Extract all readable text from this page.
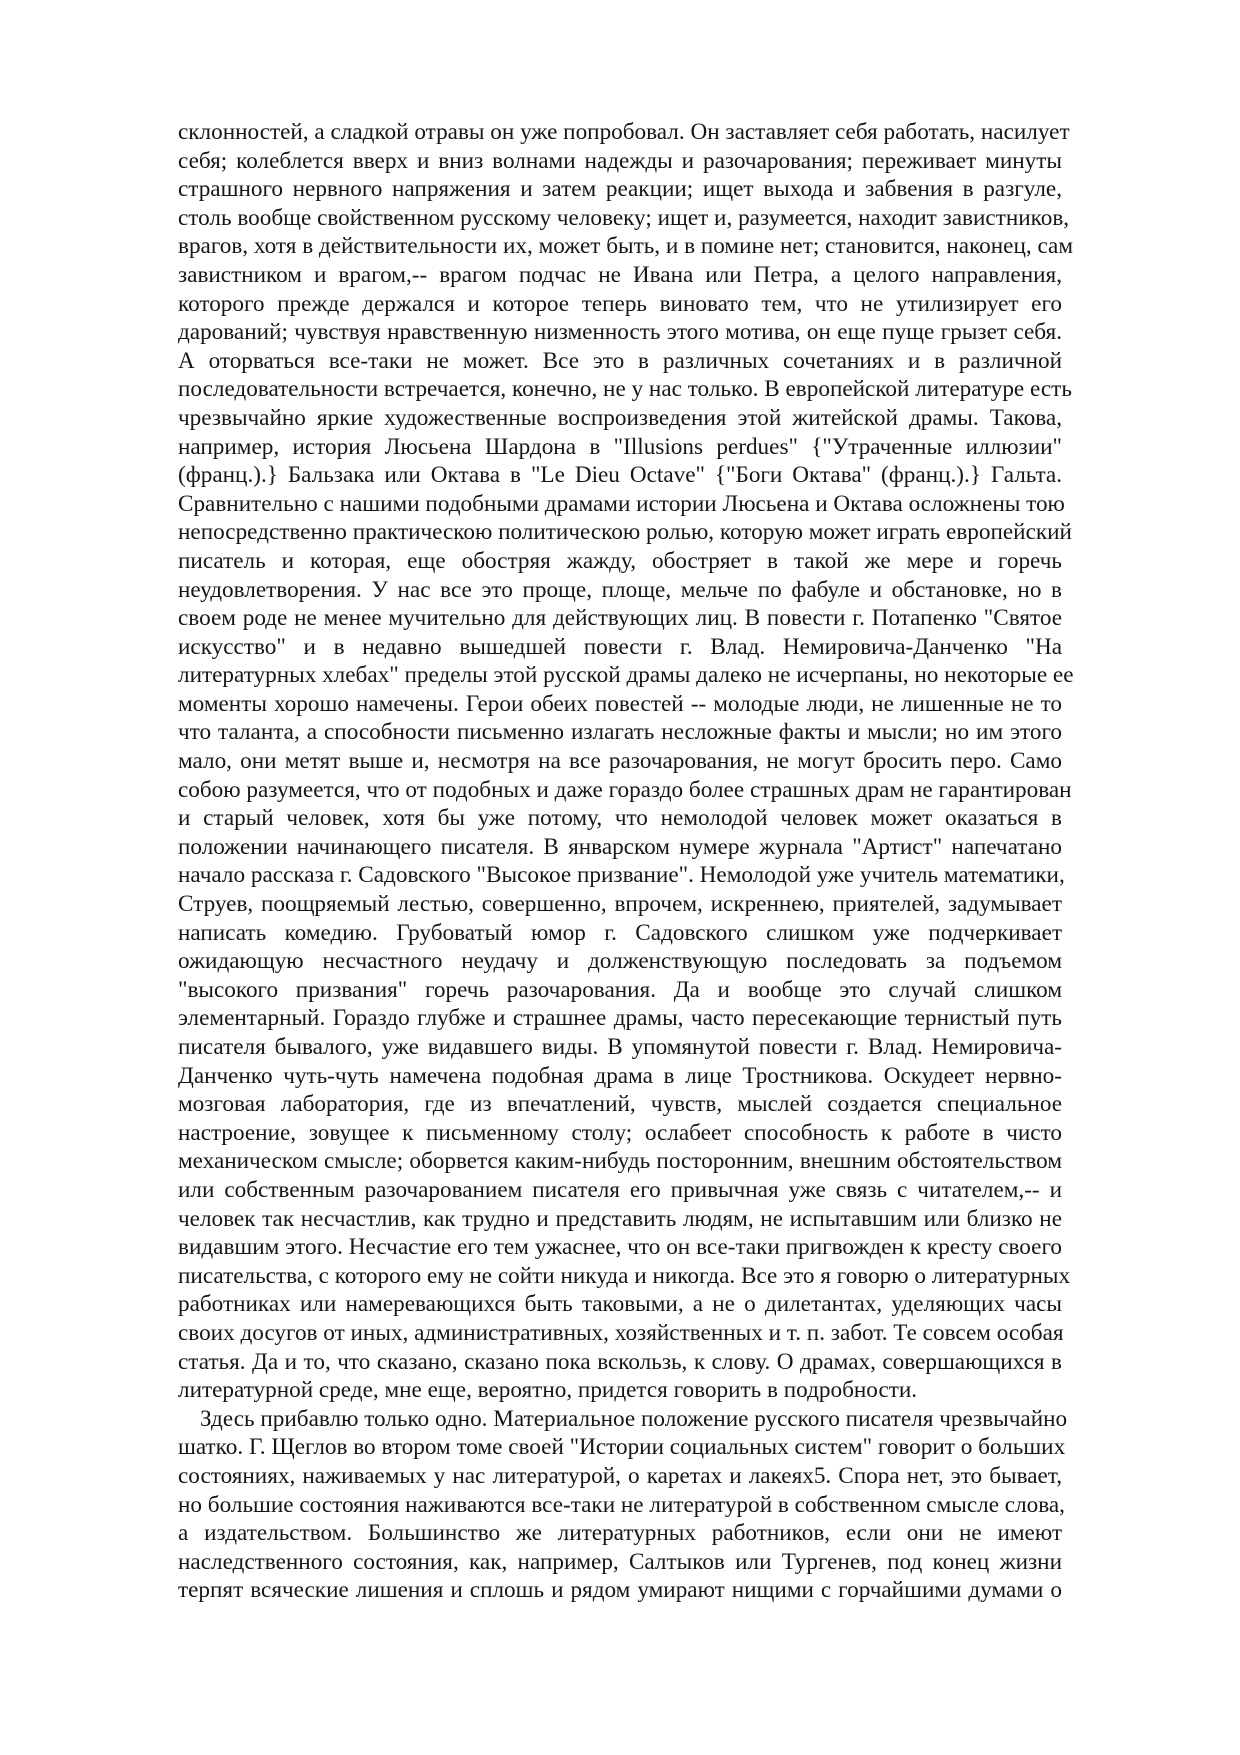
склонностей, а сладкой отравы он уже попробовал. Он заставляет себя работать, насилует
себя; колеблется вверх и вниз волнами надежды и разочарования; переживает минуты
страшного нервного напряжения и затем реакции; ищет выхода и забвения в разгуле,
столь вообще свойственном русскому человеку; ищет и, разумеется, находит завистников,
врагов, хотя в действительности их, может быть, и в помине нет; становится, наконец, сам
завистником и врагом,-- врагом подчас не Ивана или Петра, а целого направления,
которого прежде держался и которое теперь виновато тем, что не утилизирует его
дарований; чувствуя нравственную низменность этого мотива, он еще пуще грызет себя.
А оторваться все-таки не может. Все это в различных сочетаниях и в различной
последовательности встречается, конечно, не у нас только. В европейской литературе есть
чрезвычайно яркие художественные воспроизведения этой житейской драмы. Такова,
например, история Люсьена Шардона в "Illusions perdues" {"Утраченные иллюзии"
(франц.).} Бальзака или Октава в "Le Dieu Octave" {"Боги Октава" (франц.).} Гальта.
Сравнительно с нашими подобными драмами истории Люсьена и Октава осложнены тою
непосредственно практическою политическою ролью, которую может играть европейский
писатель и которая, еще обостряя жажду, обостряет в такой же мере и горечь
неудовлетворения. У нас все это проще, площе, мельче по фабуле и обстановке, но в
своем роде не менее мучительно для действующих лиц. В повести г. Потапенко "Святое
искусство" и в недавно вышедшей повести г. Влад. Немировича-Данченко "На
литературных хлебах" пределы этой русской драмы далеко не исчерпаны, но некоторые ее
моменты хорошо намечены. Герои обеих повестей -- молодые люди, не лишенные не то
что таланта, а способности письменно излагать несложные факты и мысли; но им этого
мало, они метят выше и, несмотря на все разочарования, не могут бросить перо. Само
собою разумеется, что от подобных и даже гораздо более страшных драм не гарантирован
и старый человек, хотя бы уже потому, что немолодой человек может оказаться в
положении начинающего писателя. В январском нумере журнала "Артист" напечатано
начало рассказа г. Садовского "Высокое призвание". Немолодой уже учитель математики,
Струев, поощряемый лестью, совершенно, впрочем, искреннею, приятелей, задумывает
написать комедию. Грубоватый юмор г. Садовского слишком уже подчеркивает
ожидающую несчастного неудачу и долженствующую последовать за подъемом
"высокого призвания" горечь разочарования. Да и вообще это случай слишком
элементарный. Гораздо глубже и страшнее драмы, часто пересекающие тернистый путь
писателя бывалого, уже видавшего виды. В упомянутой повести г. Влад. Немировича-
Данченко чуть-чуть намечена подобная драма в лице Тростникова. Оскудеет нервно-
мозговая лаборатория, где из впечатлений, чувств, мыслей создается специальное
настроение, зовущее к письменному столу; ослабеет способность к работе в чисто
механическом смысле; оборвется каким-нибудь посторонним, внешним обстоятельством
или собственным разочарованием писателя его привычная уже связь с читателем,-- и
человек так несчастлив, как трудно и представить людям, не испытавшим или близко не
видавшим этого. Несчастие его тем ужаснее, что он все-таки пригвожден к кресту своего
писательства, с которого ему не сойти никуда и никогда. Все это я говорю о литературных
работниках или намеревающихся быть таковыми, а не о дилетантах, уделяющих часы
своих досугов от иных, административных, хозяйственных и т. п. забот. Те совсем особая
статья. Да и то, что сказано, сказано пока вскользь, к слову. О драмах, совершающихся в
литературной среде, мне еще, вероятно, придется говорить в подробности.
Здесь прибавлю только одно. Материальное положение русского писателя чрезвычайно
шатко. Г. Щеглов во втором томе своей "Истории социальных систем" говорит о больших
состояниях, наживаемых у нас литературой, о каретах и лакеях5. Спора нет, это бывает,
но большие состояния наживаются все-таки не литературой в собственном смысле слова,
а издательством. Большинство же литературных работников, если они не имеют
наследственного состояния, как, например, Салтыков или Тургенев, под конец жизни
терпят всяческие лишения и сплошь и рядом умирают нищими с горчайшими думами о
